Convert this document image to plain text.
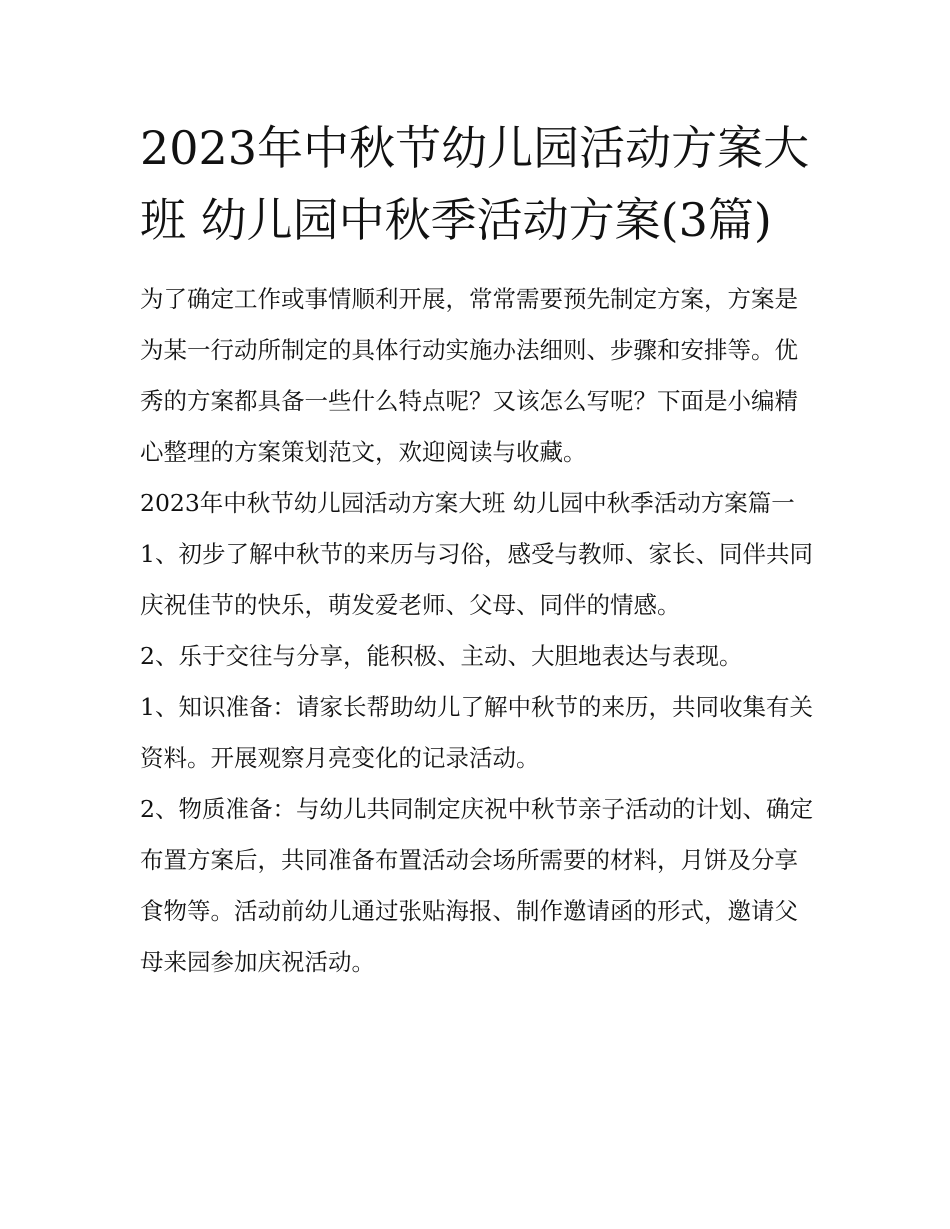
2023年中秋节幼儿园活动方案大班 幼儿园中秋季活动方案(3篇)

为了确定工作或事情顺利开展，常常需要预先制定方案，方案是为某一行动所制定的具体行动实施办法细则、步骤和安排等。优秀的方案都具备一些什么特点呢？又该怎么写呢？下面是小编精心整理的方案策划范文，欢迎阅读与收藏。

2023年中秋节幼儿园活动方案大班 幼儿园中秋季活动方案篇一

1、初步了解中秋节的来历与习俗，感受与教师、家长、同伴共同庆祝佳节的快乐，萌发爱老师、父母、同伴的情感。

2、乐于交往与分享，能积极、主动、大胆地表达与表现。

1、知识准备：请家长帮助幼儿了解中秋节的来历，共同收集有关资料。开展观察月亮变化的记录活动。

2、物质准备：与幼儿共同制定庆祝中秋节亲子活动的计划、确定布置方案后，共同准备布置活动会场所需要的材料，月饼及分享食物等。活动前幼儿通过张贴海报、制作邀请函的形式，邀请父母来园参加庆祝活动。
